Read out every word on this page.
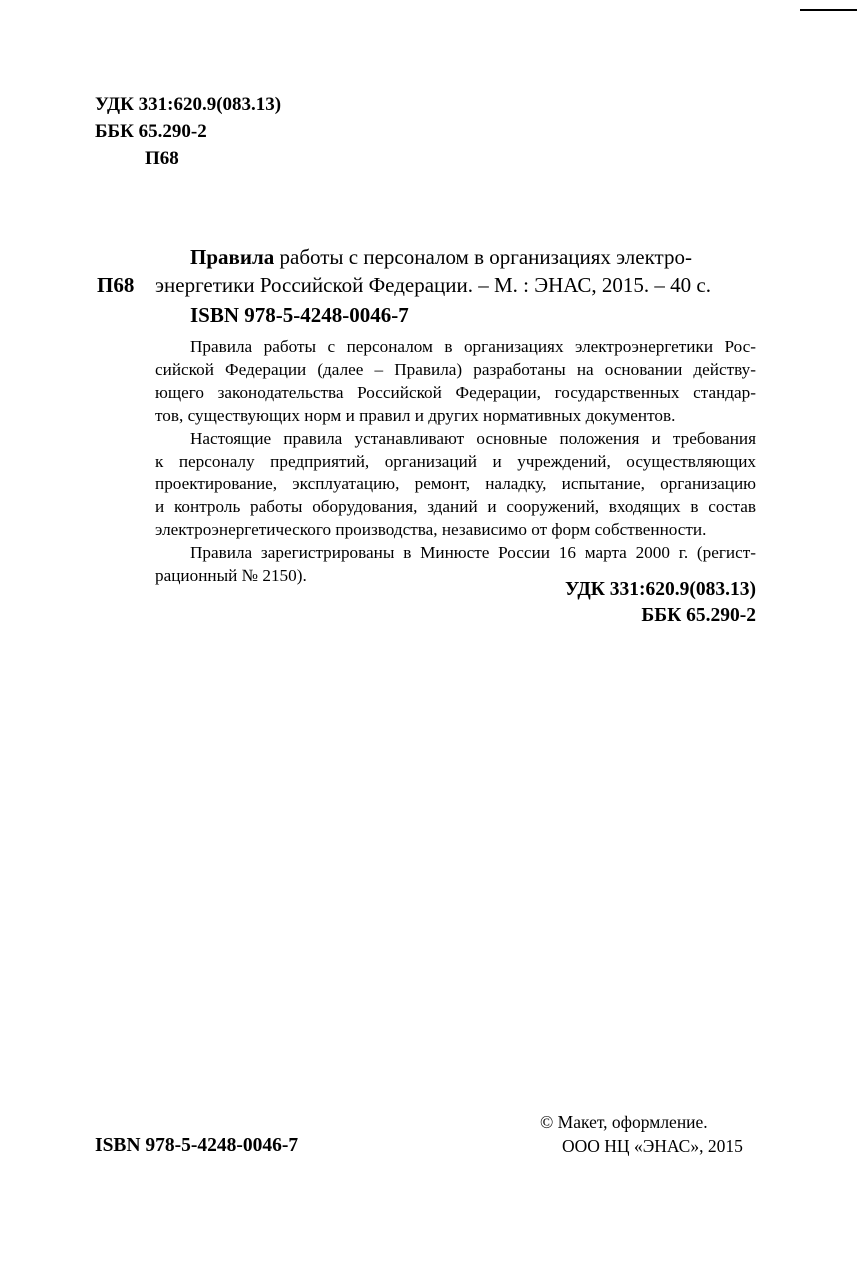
УДК 331:620.9(083.13)
ББК 65.290-2
П68
П68
Правила работы с персоналом в организациях электро-
энергетики Российской Федерации. – М. : ЭНАС, 2015. – 40 с.
ISBN 978-5-4248-0046-7
Правила работы с персоналом в организациях электроэнергетики Рос-
сийской Федерации (далее – Правила) разработаны на основании действу-
ющего законодательства Российской Федерации, государственных стандар-
тов, существующих норм и правил и других нормативных документов.
Настоящие правила устанавливают основные положения и требования
к персоналу предприятий, организаций и учреждений, осуществляющих
проектирование, эксплуатацию, ремонт, наладку, испытание, организацию
и контроль работы оборудования, зданий и сооружений, входящих в состав
электроэнергетического производства, независимо от форм собственности.
Правила зарегистрированы в Минюсте России 16 марта 2000 г. (регист-
рационный № 2150).
УДК 331:620.9(083.13)
ББК 65.290-2
ISBN 978-5-4248-0046-7
© Макет, оформление.
ООО НЦ «ЭНАС», 2015
